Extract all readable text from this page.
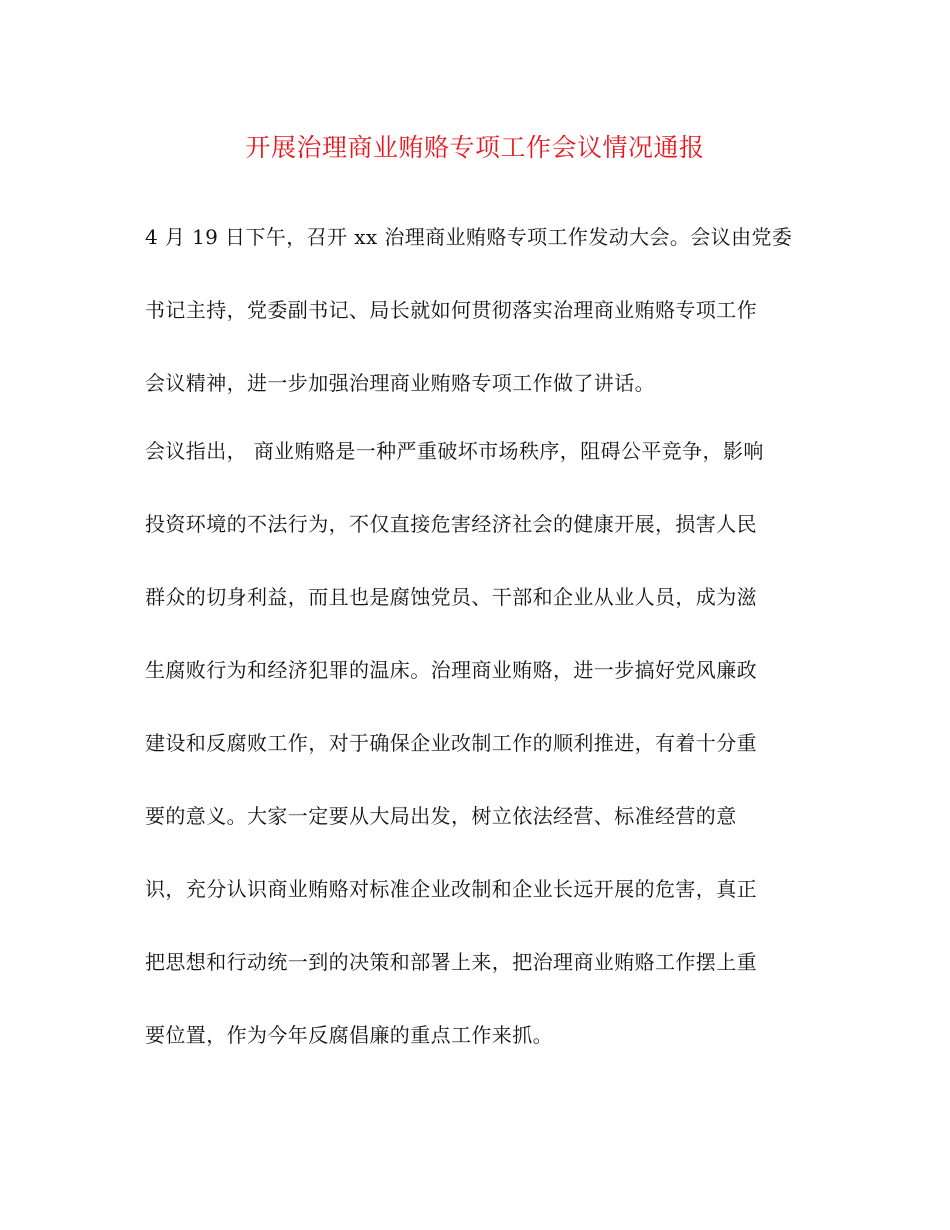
开展治理商业贿赂专项工作会议情况通报

4 月 19 日下午，召开 xx 治理商业贿赂专项工作发动大会。会议由党委

书记主持，党委副书记、局长就如何贯彻落实治理商业贿赂专项工作

会议精神，进一步加强治理商业贿赂专项工作做了讲话。

会议指出， 商业贿赂是一种严重破坏市场秩序，阻碍公平竞争，影响

投资环境的不法行为，不仅直接危害经济社会的健康开展，损害人民

群众的切身利益，而且也是腐蚀党员、干部和企业从业人员，成为滋

生腐败行为和经济犯罪的温床。治理商业贿赂，进一步搞好党风廉政

建设和反腐败工作，对于确保企业改制工作的顺利推进，有着十分重

要的意义。大家一定要从大局出发，树立依法经营、标准经营的意

识，充分认识商业贿赂对标准企业改制和企业长远开展的危害，真正

把思想和行动统一到的决策和部署上来，把治理商业贿赂工作摆上重

要位置，作为今年反腐倡廉的重点工作来抓。
